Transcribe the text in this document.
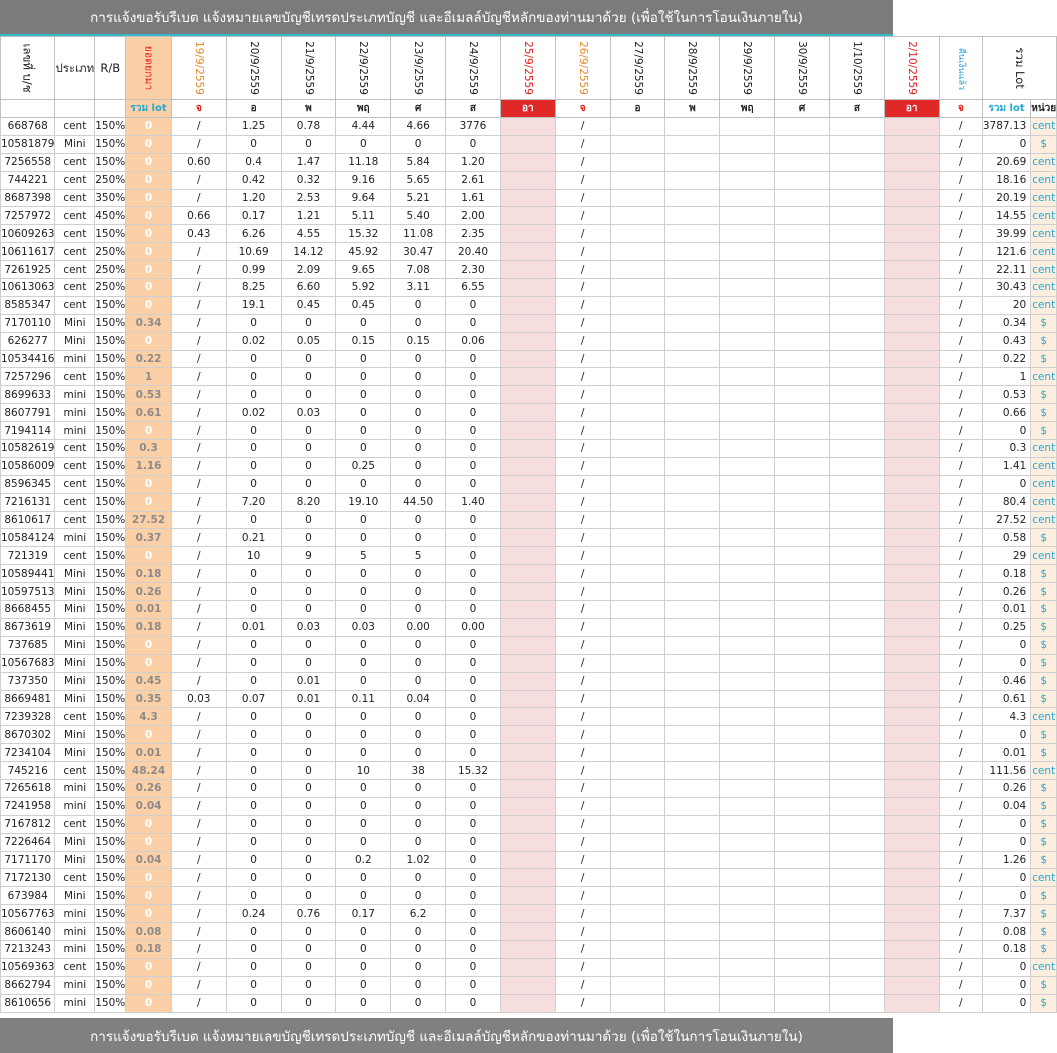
การแจ้งขอรับรีเบต แจ้งหมายเลขบัญชีเทรดประเภทบัญชี และอีเมลล์บัญชีหลักของท่านมาด้วย (เพื่อใช้ในการโอนเงินภายใน)
เลขที่ บ/ช	ประเภท	R/B	ยอดยกมา	19/9/2559	20/9/2559	21/9/2559	22/9/2559	23/9/2559	24/9/2559	25/9/2559	26/9/2559	27/9/2559	28/9/2559	29/9/2559	30/9/2559	1/10/2559	2/10/2559	คืนเงินแล้ว	รวม Lot	
			รวม lot	จ	อ	พ	พฤ	ศ	ส	อา	จ	อ	พ	พฤ	ศ	ส	อา	จ	รวม lot	หน่วย
668768	cent	150%	0	/	1.25	0.78	4.44	4.66	3776		/							/	3787.13	cent
10581879	Mini	150%	0	/	0	0	0	0	0		/							/	0	$
7256558	cent	150%	0	0.60	0.4	1.47	11.18	5.84	1.20		/							/	20.69	cent
744221	cent	250%	0	/	0.42	0.32	9.16	5.65	2.61		/							/	18.16	cent
8687398	cent	350%	0	/	1.20	2.53	9.64	5.21	1.61		/							/	20.19	cent
7257972	cent	450%	0	0.66	0.17	1.21	5.11	5.40	2.00		/							/	14.55	cent
10609263	cent	150%	0	0.43	6.26	4.55	15.32	11.08	2.35		/							/	39.99	cent
10611617	cent	250%	0	/	10.69	14.12	45.92	30.47	20.40		/							/	121.6	cent
7261925	cent	250%	0	/	0.99	2.09	9.65	7.08	2.30		/							/	22.11	cent
10613063	cent	250%	0	/	8.25	6.60	5.92	3.11	6.55		/							/	30.43	cent
8585347	cent	150%	0	/	19.1	0.45	0.45	0	0		/							/	20	cent
7170110	Mini	150%	0.34	/	0	0	0	0	0		/							/	0.34	$
626277	Mini	150%	0	/	0.02	0.05	0.15	0.15	0.06		/							/	0.43	$
10534416	mini	150%	0.22	/	0	0	0	0	0		/							/	0.22	$
7257296	cent	150%	1	/	0	0	0	0	0		/							/	1	cent
8699633	mini	150%	0.53	/	0	0	0	0	0		/							/	0.53	$
8607791	mini	150%	0.61	/	0.02	0.03	0	0	0		/							/	0.66	$
7194114	mini	150%	0	/	0	0	0	0	0		/							/	0	$
10582619	cent	150%	0.3	/	0	0	0	0	0		/							/	0.3	cent
10586009	cent	150%	1.16	/	0	0	0.25	0	0		/							/	1.41	cent
8596345	cent	150%	0	/	0	0	0	0	0		/							/	0	cent
7216131	cent	150%	0	/	7.20	8.20	19.10	44.50	1.40		/							/	80.4	cent
8610617	cent	150%	27.52	/	0	0	0	0	0		/							/	27.52	cent
10584124	mini	150%	0.37	/	0.21	0	0	0	0		/							/	0.58	$
721319	cent	150%	0	/	10	9	5	5	0		/							/	29	cent
10589441	Mini	150%	0.18	/	0	0	0	0	0		/							/	0.18	$
10597513	Mini	150%	0.26	/	0	0	0	0	0		/							/	0.26	$
8668455	Mini	150%	0.01	/	0	0	0	0	0		/							/	0.01	$
8673619	Mini	150%	0.18	/	0.01	0.03	0.03	0.00	0.00		/							/	0.25	$
737685	Mini	150%	0	/	0	0	0	0	0		/							/	0	$
10567683	Mini	150%	0	/	0	0	0	0	0		/							/	0	$
737350	Mini	150%	0.45	/	0	0.01	0	0	0		/							/	0.46	$
8669481	Mini	150%	0.35	0.03	0.07	0.01	0.11	0.04	0		/							/	0.61	$
7239328	cent	150%	4.3	/	0	0	0	0	0		/							/	4.3	cent
8670302	Mini	150%	0	/	0	0	0	0	0		/							/	0	$
7234104	Mini	150%	0.01	/	0	0	0	0	0		/							/	0.01	$
745216	cent	150%	48.24	/	0	0	10	38	15.32		/							/	111.56	cent
7265618	mini	150%	0.26	/	0	0	0	0	0		/							/	0.26	$
7241958	mini	150%	0.04	/	0	0	0	0	0		/							/	0.04	$
7167812	cent	150%	0	/	0	0	0	0	0		/							/	0	$
7226464	Mini	150%	0	/	0	0	0	0	0		/							/	0	$
7171170	Mini	150%	0.04	/	0	0	0.2	1.02	0		/							/	1.26	$
7172130	cent	150%	0	/	0	0	0	0	0		/							/	0	cent
673984	Mini	150%	0	/	0	0	0	0	0		/							/	0	$
10567763	mini	150%	0	/	0.24	0.76	0.17	6.2	0		/							/	7.37	$
8606140	mini	150%	0.08	/	0	0	0	0	0		/							/	0.08	$
7213243	mini	150%	0.18	/	0	0	0	0	0		/							/	0.18	$
10569363	cent	150%	0	/	0	0	0	0	0		/							/	0	cent
8662794	mini	150%	0	/	0	0	0	0	0		/							/	0	$
8610656	mini	150%	0	/	0	0	0	0	0		/							/	0	$
การแจ้งขอรับรีเบต แจ้งหมายเลขบัญชีเทรดประเภทบัญชี และอีเมลล์บัญชีหลักของท่านมาด้วย (เพื่อใช้ในการโอนเงินภายใน)
